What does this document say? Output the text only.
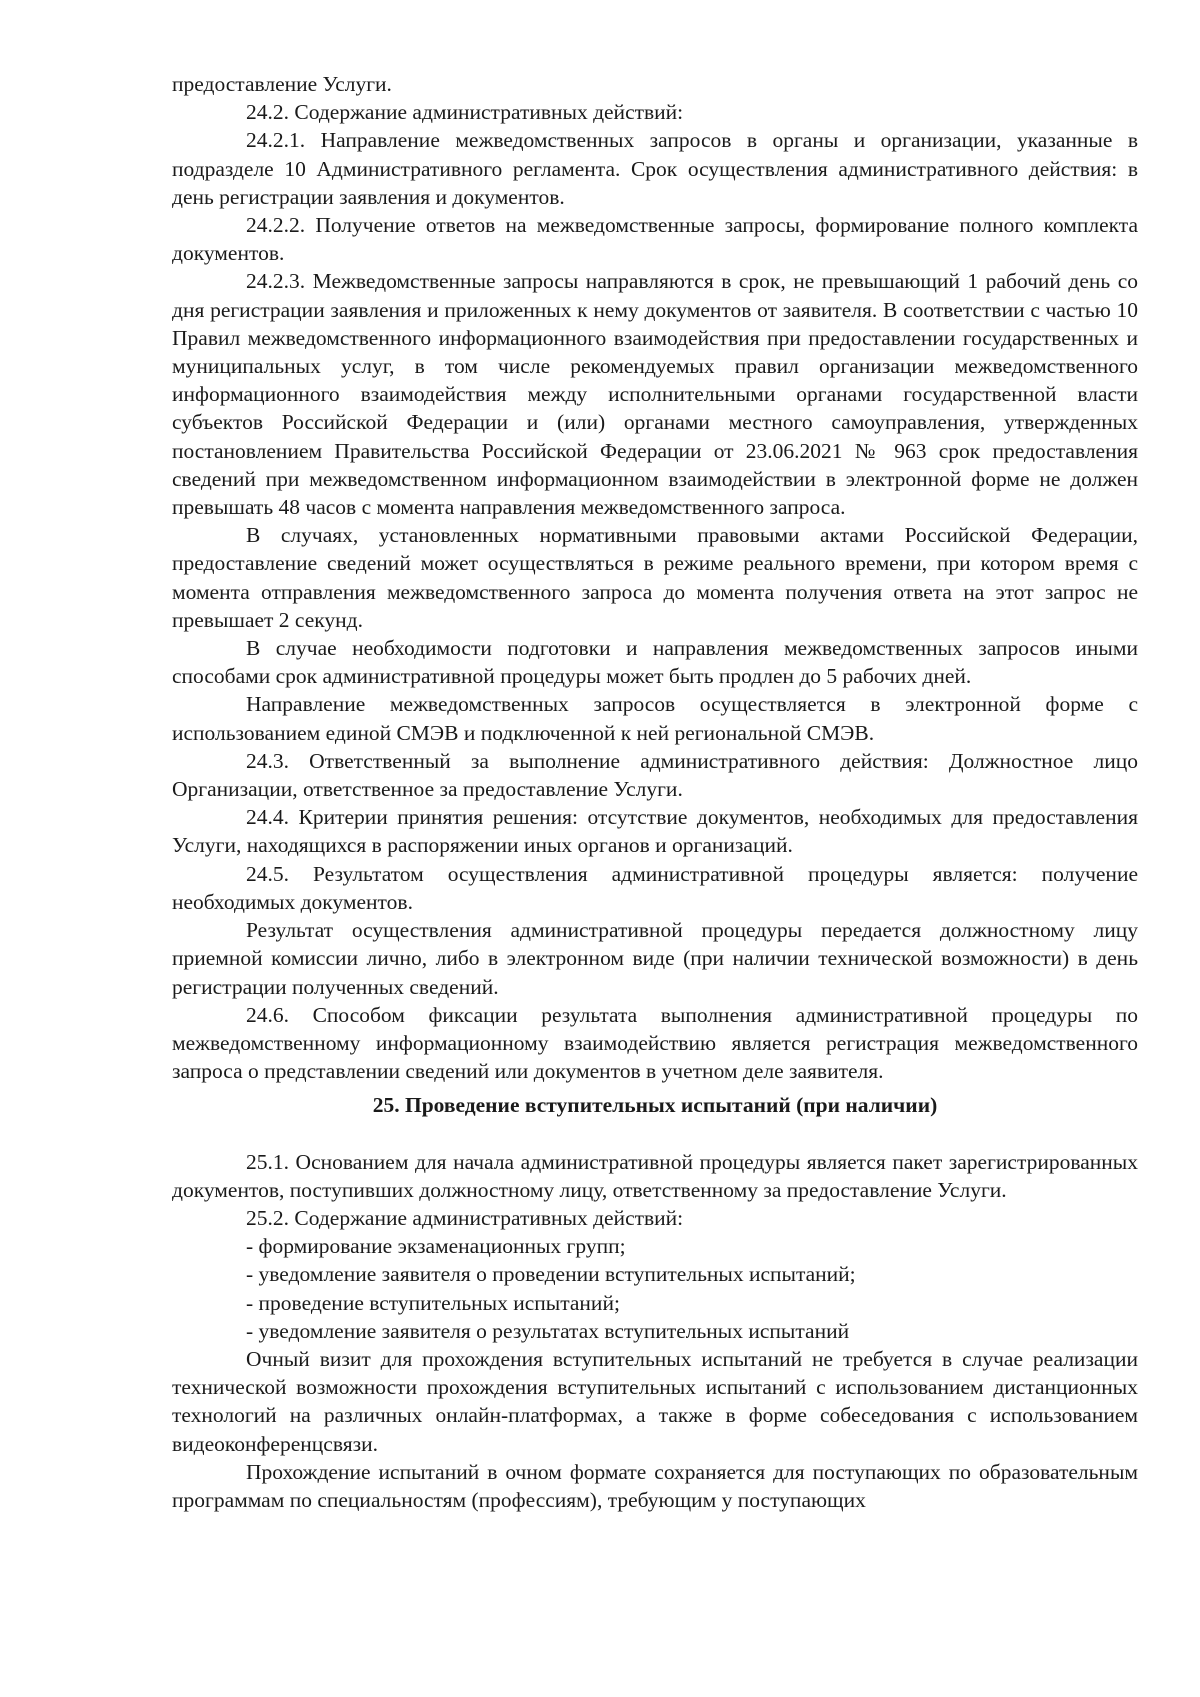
предоставление Услуги.

24.2. Содержание административных действий:

24.2.1. Направление межведомственных запросов в органы и организации, указанные в подразделе 10 Административного регламента. Срок осуществления административного действия: в день регистрации заявления и документов.

24.2.2. Получение ответов на межведомственные запросы, формирование полного комплекта документов.

24.2.3. Межведомственные запросы направляются в срок, не превышающий 1 рабочий день со дня регистрации заявления и приложенных к нему документов от заявителя. В соответствии с частью 10 Правил межведомственного информационного взаимодействия при предоставлении государственных и муниципальных услуг, в том числе рекомендуемых правил организации межведомственного информационного взаимодействия между исполнительными органами государственной власти субъектов Российской Федерации и (или) органами местного самоуправления, утвержденных постановлением Правительства Российской Федерации от 23.06.2021 № 963 срок предоставления сведений при межведомственном информационном взаимодействии в электронной форме не должен превышать 48 часов с момента направления межведомственного запроса.

В случаях, установленных нормативными правовыми актами Российской Федерации, предоставление сведений может осуществляться в режиме реального времени, при котором время с момента отправления межведомственного запроса до момента получения ответа на этот запрос не превышает 2 секунд.

В случае необходимости подготовки и направления межведомственных запросов иными способами срок административной процедуры может быть продлен до 5 рабочих дней.

Направление межведомственных запросов осуществляется в электронной форме с использованием единой СМЭВ и подключенной к ней региональной СМЭВ.

24.3. Ответственный за выполнение административного действия: Должностное лицо Организации, ответственное за предоставление Услуги.

24.4. Критерии принятия решения: отсутствие документов, необходимых для предоставления Услуги, находящихся в распоряжении иных органов и организаций.

24.5. Результатом осуществления административной процедуры является: получение необходимых документов.

Результат осуществления административной процедуры передается должностному лицу приемной комиссии лично, либо в электронном виде (при наличии технической возможности) в день регистрации полученных сведений.

24.6. Способом фиксации результата выполнения административной процедуры по межведомственному информационному взаимодействию является регистрация межведомственного запроса о представлении сведений или документов в учетном деле заявителя.

25. Проведение вступительных испытаний (при наличии)

25.1. Основанием для начала административной процедуры является пакет зарегистрированных документов, поступивших должностному лицу, ответственному за предоставление Услуги.

25.2. Содержание административных действий:

- формирование экзаменационных групп;

- уведомление заявителя о проведении вступительных испытаний;

- проведение вступительных испытаний;

- уведомление заявителя о результатах вступительных испытаний

Очный визит для прохождения вступительных испытаний не требуется в случае реализации технической возможности прохождения вступительных испытаний с использованием дистанционных технологий на различных онлайн-платформах, а также в форме собеседования с использованием видеоконференцсвязи.

Прохождение испытаний в очном формате сохраняется для поступающих по образовательным программам по специальностям (профессиям), требующим у поступающих
